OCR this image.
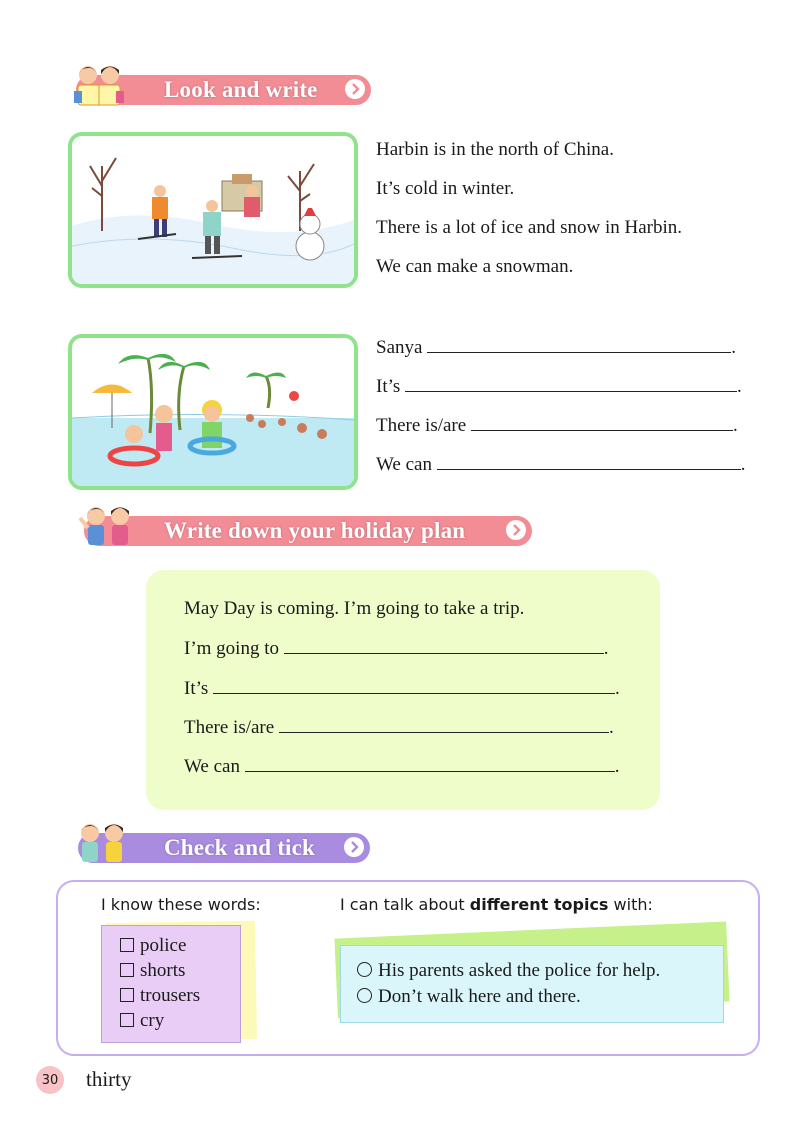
Look and write
Harbin is in the north of China.
It’s cold in winter.
There is a lot of ice and snow in Harbin.
We can make a snowman.
Sanya	.
It’s	.
There is/are	.
We can	.
Write down your holiday plan
May Day is coming. I’m going to take a trip.
I’m going to	.
It’s	.
There is/are	.
We can	.
Check and tick
I know these words:	I can talk about different topics with:
police
shorts
trousers
cry
His parents asked the police for help.
Don’t walk here and there.
30 thirty
